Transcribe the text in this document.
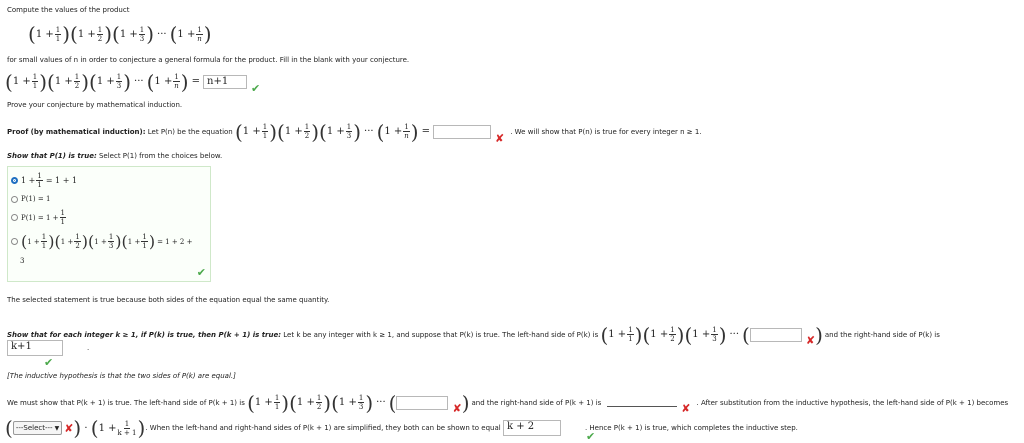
Compute the values of the product
( $1 + \frac{1}{1}$ ) ( $1 + \frac{1}{2}$ ) ( $1 + \frac{1}{3}$ ) ··· ( $1 + \frac{1}{n}$ )
for small values of n in order to conjecture a general formula for the product. Fill in the blank with your conjecture.
( $1 + \frac{1}{1}$ ) ( $1 + \frac{1}{2}$ ) ( $1 + \frac{1}{3}$ ) ··· ( $1 + \frac{1}{n}$ ) = n+1
✔
Prove your conjecture by mathematical induction.
Proof (by mathematical induction):
Let P(n) be the equation
( $1 + \frac{1}{1}$ ) ( $1 + \frac{1}{2}$ ) ( $1 + \frac{1}{3}$ ) ··· ( $1 + \frac{1}{n}$ ) =
✘
. We will show that P(n) is true for every integer n ≥ 1.
Show that P(1) is true: Select P(1) from the choices below.
$1 + \frac{1}{1} = 1 + 1$
P(1) = 1
$P(1) = 1 + \frac{1}{1}$
( $1 + \frac{1}{1}$ ) ( $1 + \frac{1}{2}$ ) ( $1 + \frac{1}{3}$ ) ( $1 + \frac{1}{1}$ ) = 1 + 2 +
3
✔
The selected statement is true because both sides of the equation equal the same quantity.
Show that for each integer k ≥ 1, if P(k) is true, then P(k + 1) is true:
Let k be any integer with k ≥ 1, and suppose that P(k) is true. The left-hand side of P(k) is
( $1 + \frac{1}{1}$ ) ( $1 + \frac{1}{2}$ ) ( $1 + \frac{1}{3}$ ) ··· (	✘ ) and the right-hand side of P(k) is
k+1	.
✔
[The inductive hypothesis is that the two sides of P(k) are equal.]
We must show that P(k + 1) is true. The left-hand side of P(k + 1) is
( $1 + \frac{1}{1}$ ) ( $1 + \frac{1}{2}$ ) ( $1 + \frac{1}{3}$ ) ··· (	✘ ) and the right-hand side of P(k + 1) is	✘ . After substitution from the inductive hypothesis, the left-hand side of P(k + 1) becomes
( ---Select--- ▼ ✘ ) · ( $1 + \frac{1}{k + 1}$ ) . When the left-hand and right-hand sides of P(k + 1) are simplified, they both can be shown to equal
k + 2	. Hence P(k + 1) is true, which completes the inductive step.
✔
